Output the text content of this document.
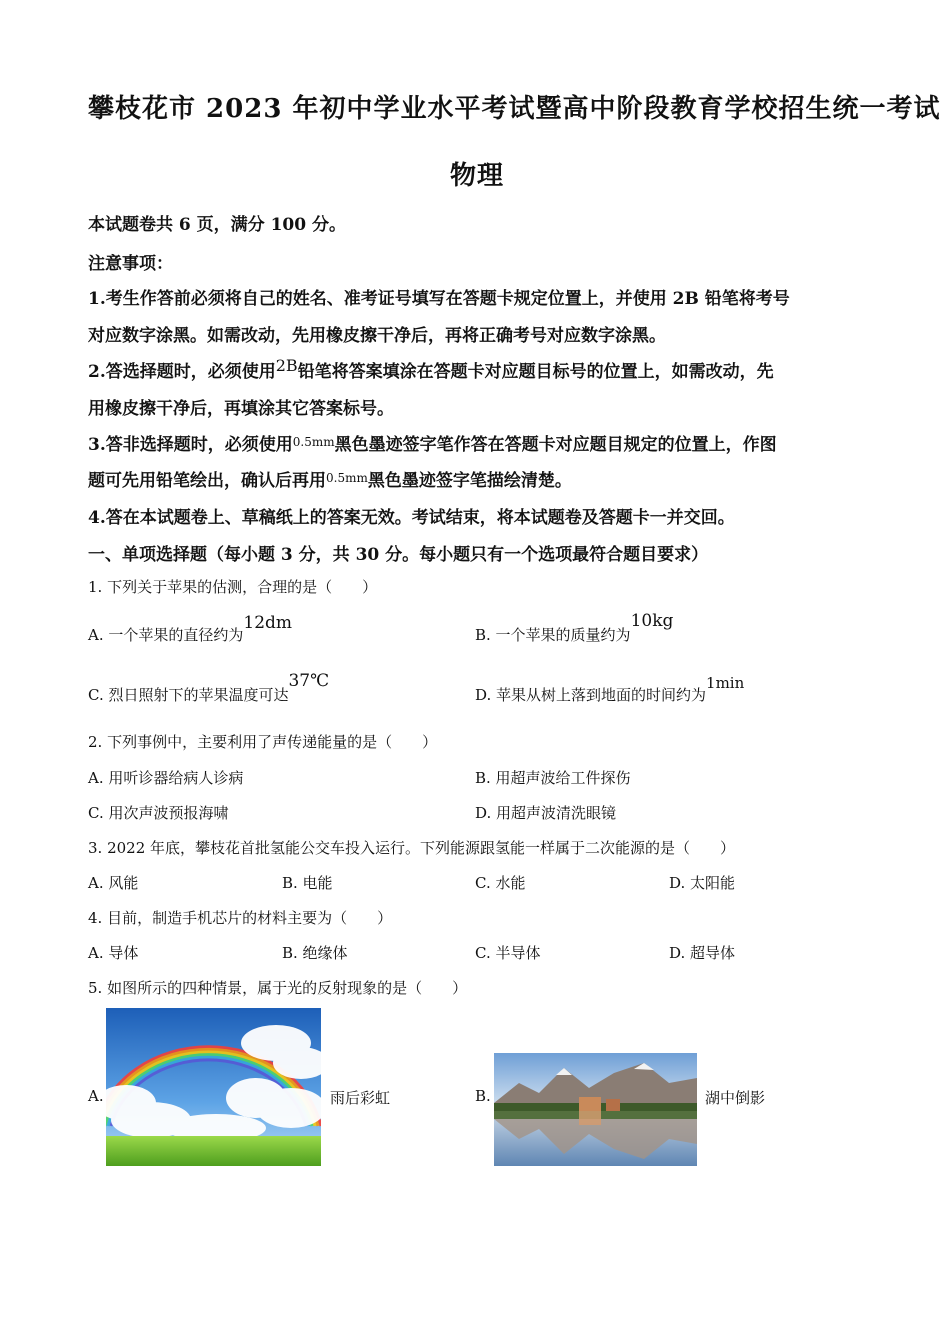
攀枝花市 2023 年初中学业水平考试暨高中阶段教育学校招生统一考试
物理
本试题卷共 6 页，满分 100 分。
注意事项：
1.考生作答前必须将自己的姓名、准考证号填写在答题卡规定位置上，并使用 2B 铅笔将考号
对应数字涂黑。如需改动，先用橡皮擦干净后，再将正确考号对应数字涂黑。
2.答选择题时，必须使用2B铅笔将答案填涂在答题卡对应题目标号的位置上，如需改动，先
用橡皮擦干净后，再填涂其它答案标号。
3.答非选择题时，必须使用$^{0.5mm}$黑色墨迹签字笔作答在答题卡对应题目规定的位置上，作图
题可先用铅笔绘出，确认后再用$^{0.5mm}$黑色墨迹签字笔描绘清楚。
4.答在本试题卷上、草稿纸上的答案无效。考试结束，将本试题卷及答题卡一并交回。
一、单项选择题（每小题 3 分，共 30 分。每小题只有一个选项最符合题目要求）
1. 下列关于苹果的估测，合理的是（　　）
A. 一个苹果的直径约为12dm
B. 一个苹果的质量约为10kg
C. 烈日照射下的苹果温度可达37℃
D. 苹果从树上落到地面的时间约为1min
2. 下列事例中，主要利用了声传递能量的是（　　）
A. 用听诊器给病人诊病	B. 用超声波给工件探伤
C. 用次声波预报海啸	D. 用超声波清洗眼镜
3. 2022 年底，攀枝花首批氢能公交车投入运行。下列能源跟氢能一样属于二次能源的是（　　）
A. 风能	B. 电能	C. 水能	D. 太阳能
4. 目前，制造手机芯片的材料主要为（　　）
A. 导体	B. 绝缘体	C. 半导体	D. 超导体
5. 如图所示的四种情景，属于光的反射现象的是（　　）
A.	雨后彩虹	B.	湖中倒影
